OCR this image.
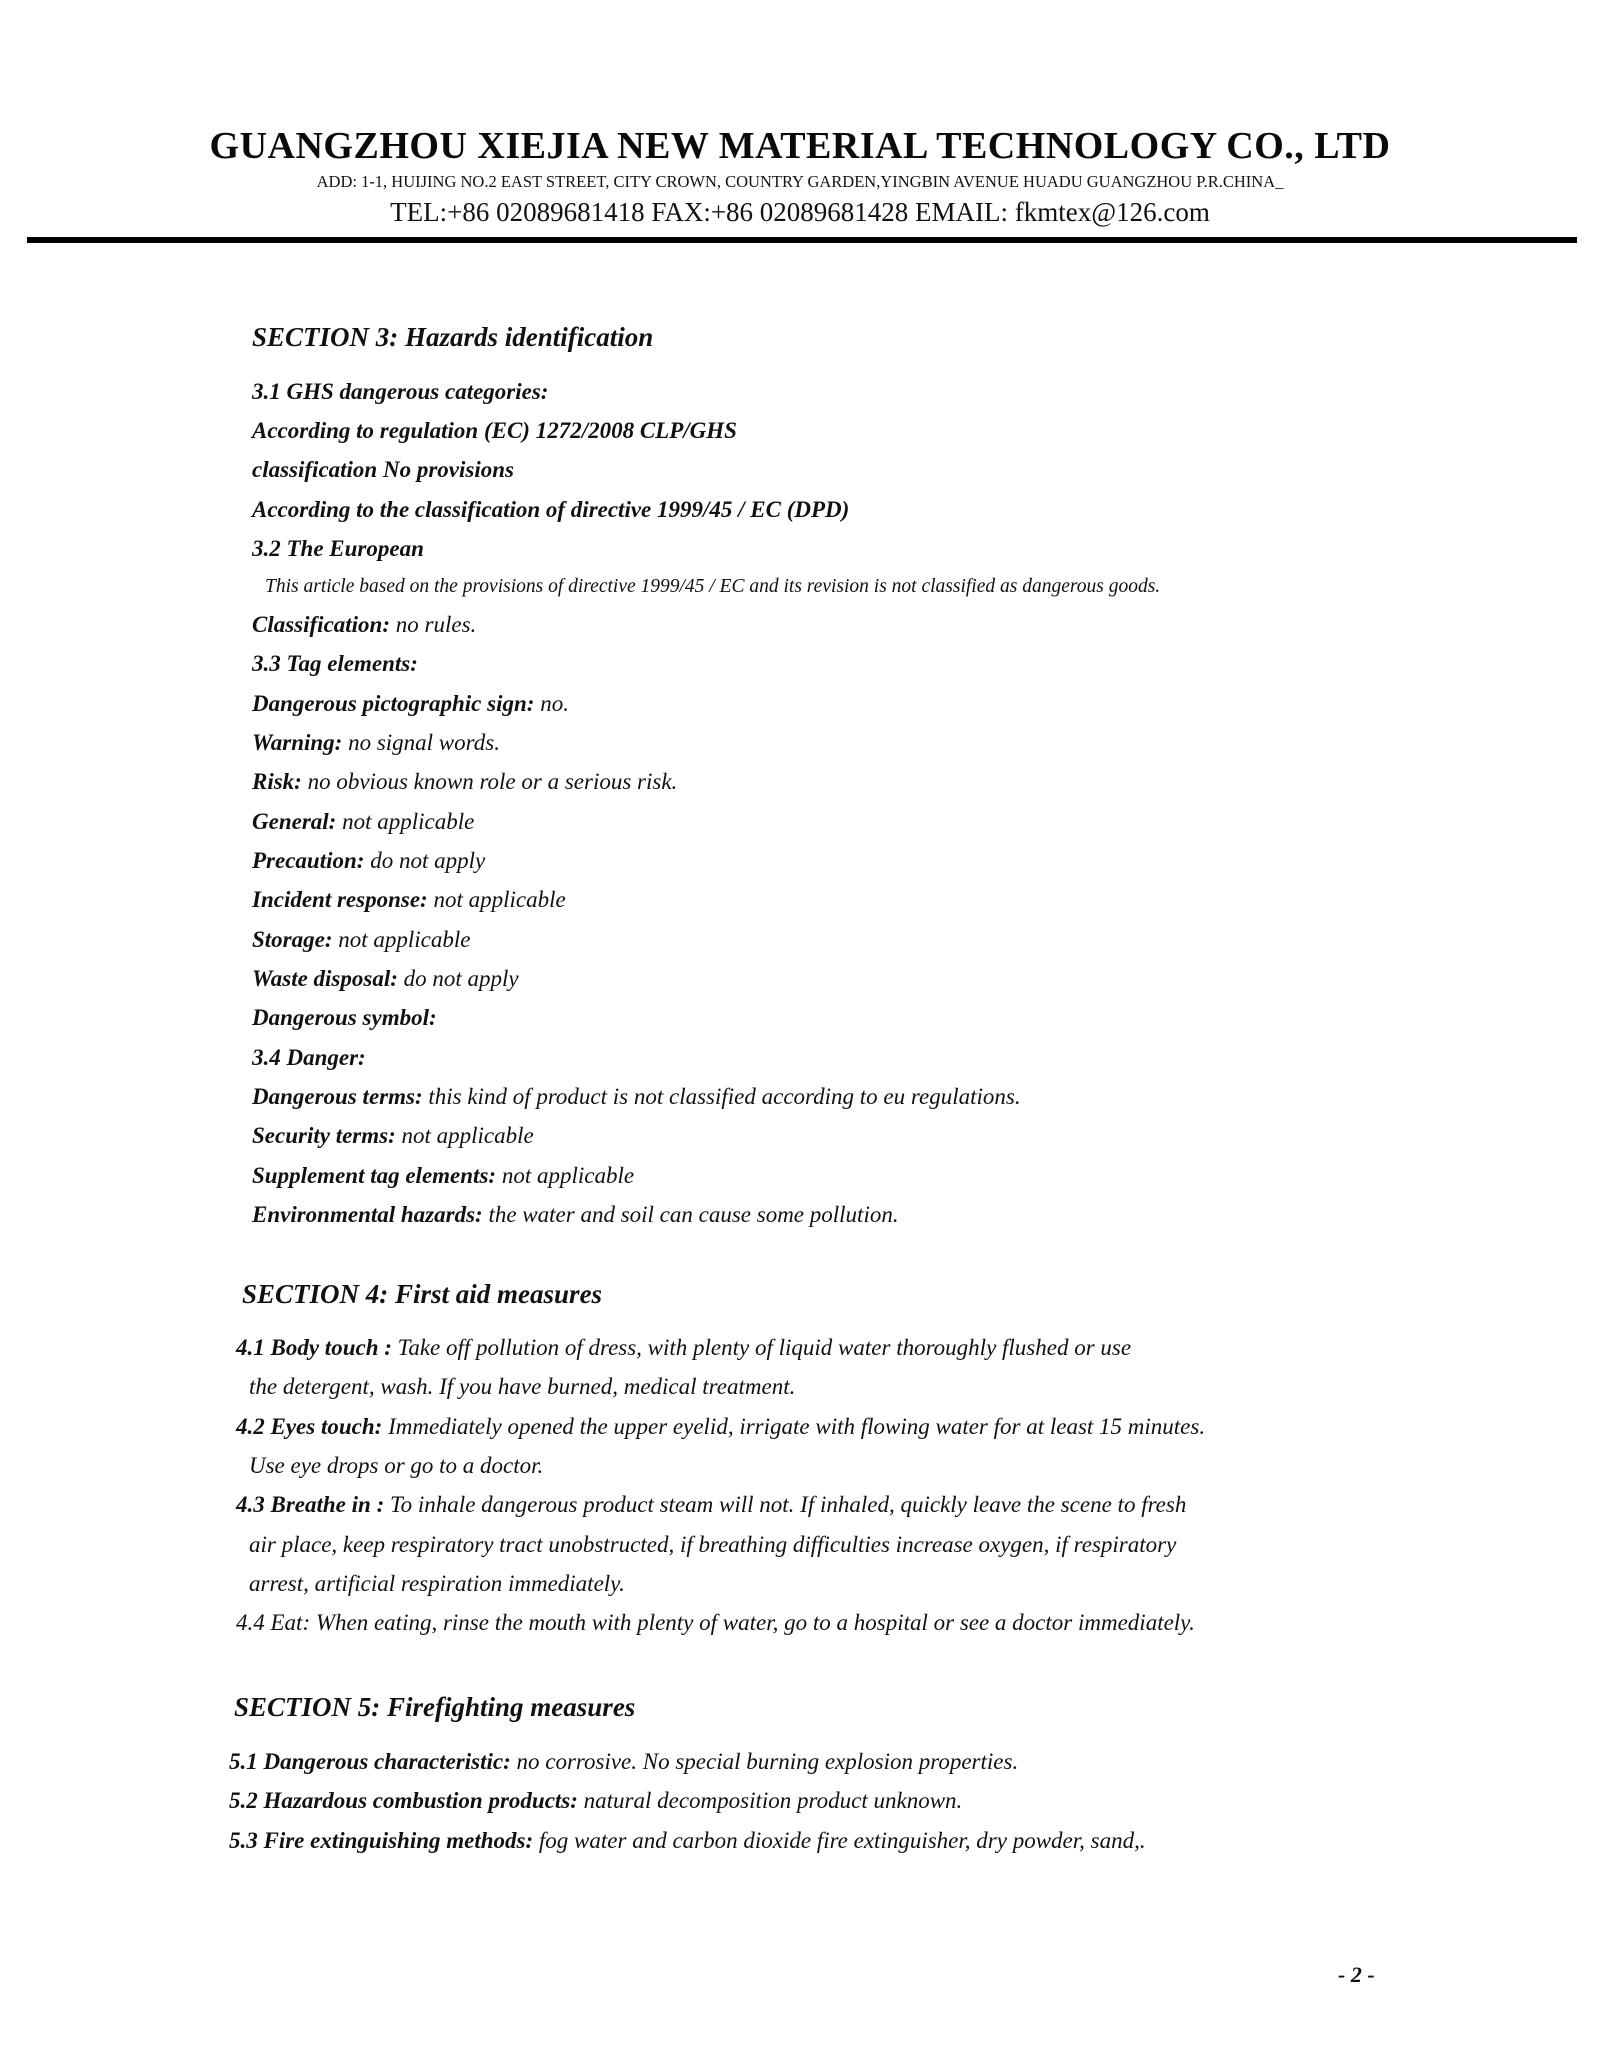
GUANGZHOU XIEJIA NEW MATERIAL TECHNOLOGY CO., LTD
ADD: 1-1, HUIJING NO.2 EAST STREET, CITY CROWN, COUNTRY GARDEN,YINGBIN AVENUE HUADU GUANGZHOU P.R.CHINA_
TEL:+86 02089681418 FAX:+86 02089681428 EMAIL: fkmtex@126.com
SECTION 3: Hazards identification
3.1 GHS dangerous categories:
According to regulation (EC) 1272/2008 CLP/GHS
classification No provisions
According to the classification of directive 1999/45 / EC (DPD)
3.2 The European
This article based on the provisions of directive 1999/45 / EC and its revision is not classified as dangerous goods.
Classification: no rules.
3.3 Tag elements:
Dangerous pictographic sign: no.
Warning: no signal words.
Risk: no obvious known role or a serious risk.
General: not applicable
Precaution: do not apply
Incident response: not applicable
Storage: not applicable
Waste disposal: do not apply
Dangerous symbol:
3.4 Danger:
Dangerous terms: this kind of product is not classified according to eu regulations.
Security terms: not applicable
Supplement tag elements: not applicable
Environmental hazards: the water and soil can cause some pollution.
SECTION 4: First aid measures
4.1 Body touch : Take off pollution of dress, with plenty of liquid water thoroughly flushed or use
the detergent, wash. If you have burned, medical treatment.
4.2 Eyes touch: Immediately opened the upper eyelid, irrigate with flowing water for at least 15 minutes.
Use eye drops or go to a doctor.
4.3 Breathe in : To inhale dangerous product steam will not. If inhaled, quickly leave the scene to fresh
air place, keep respiratory tract unobstructed, if breathing difficulties increase oxygen, if respiratory
arrest, artificial respiration immediately.
4.4 Eat: When eating, rinse the mouth with plenty of water, go to a hospital or see a doctor immediately.
SECTION 5: Firefighting measures
5.1 Dangerous characteristic: no corrosive. No special burning explosion properties.
5.2 Hazardous combustion products: natural decomposition product unknown.
5.3 Fire extinguishing methods: fog water and carbon dioxide fire extinguisher, dry powder, sand,.
- 2 -
